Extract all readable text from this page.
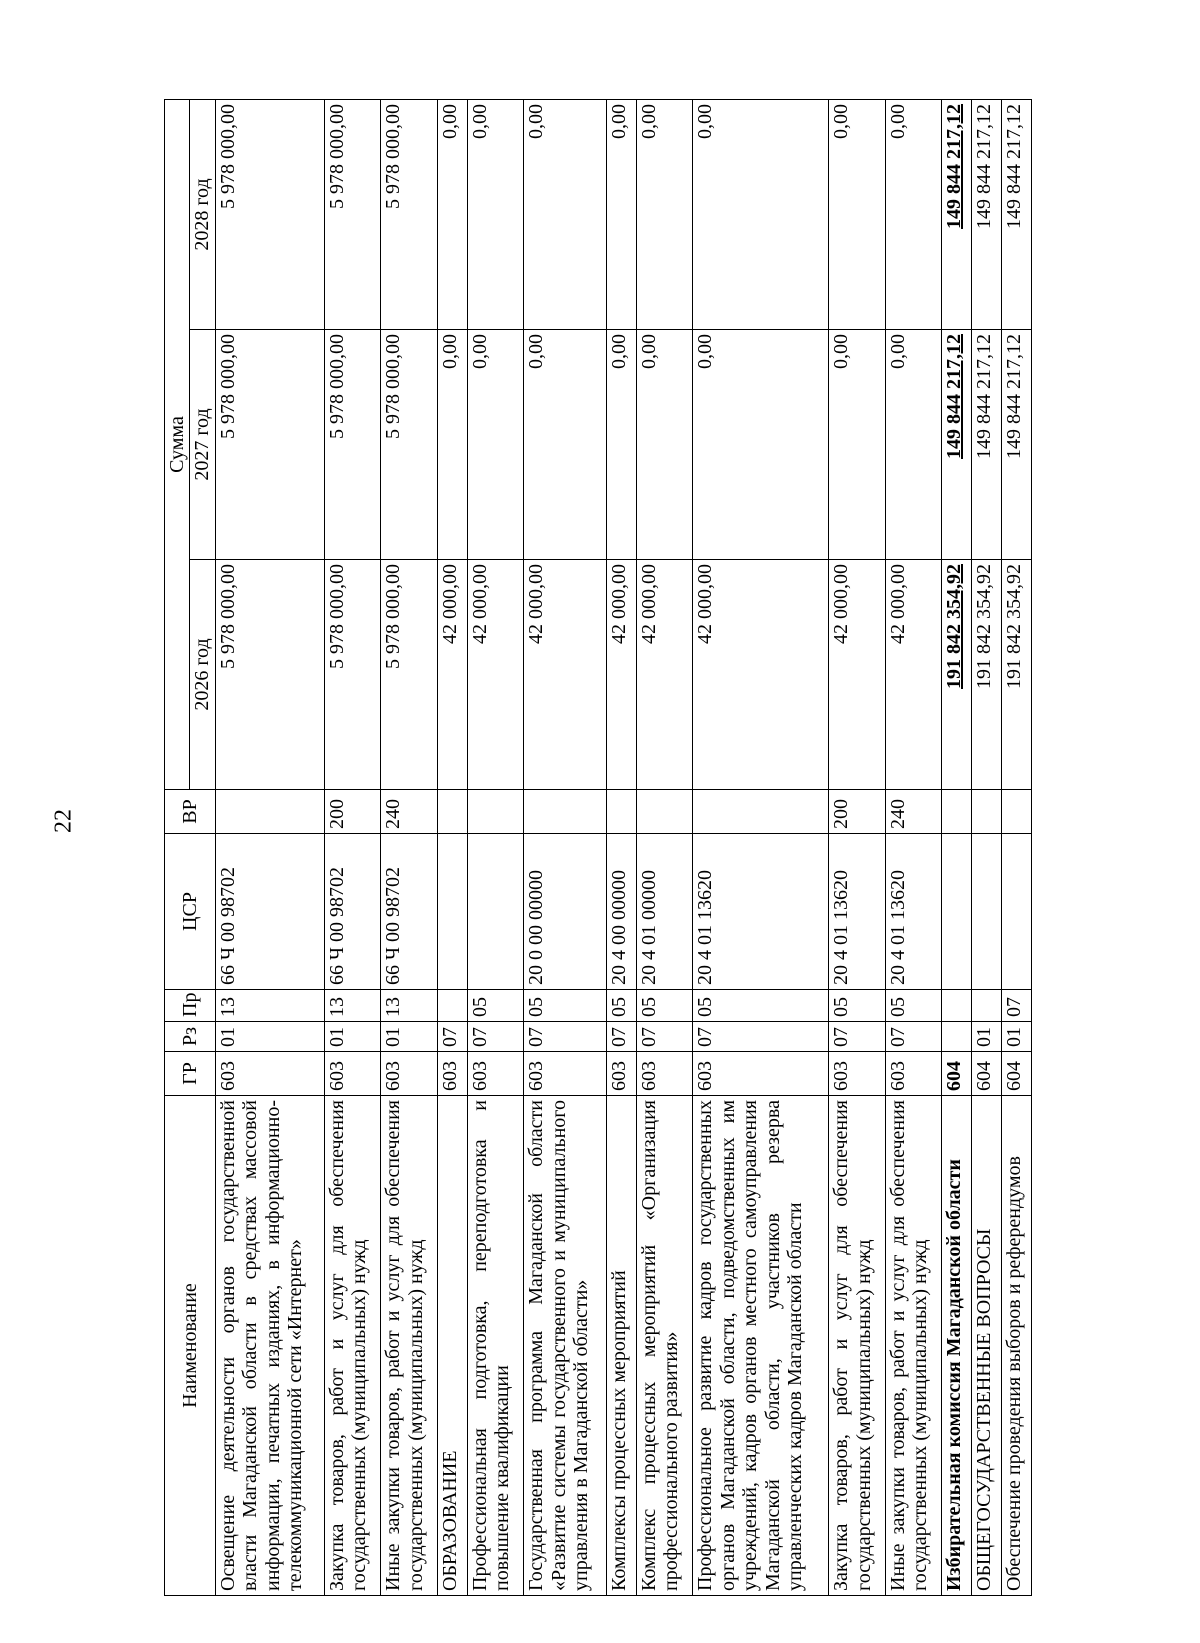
22
Наименование	ГР	Рз	Пр	ЦСР	ВР	Сумма		
						2026 год	2027 год	2028 год
Освещение деятельности органов государственной власти Магаданской области в средствах массовой информации, печатных изданиях, в информационно-телекоммуникационной сети «Интернет»	603	01	13	66 Ч 00 98702		5 978 000,00	5 978 000,00	5 978 000,00
Закупка товаров, работ и услуг для обеспечения государственных (муниципальных) нужд	603	01	13	66 Ч 00 98702	200	5 978 000,00	5 978 000,00	5 978 000,00
Иные закупки товаров, работ и услуг для обеспечения государственных (муниципальных) нужд	603	01	13	66 Ч 00 98702	240	5 978 000,00	5 978 000,00	5 978 000,00
ОБРАЗОВАНИЕ	603	07				42 000,00	0,00	0,00
Профессиональная подготовка, переподготовка и повышение квалификации	603	07	05			42 000,00	0,00	0,00
Государственная программа Магаданской области «Развитие системы государственного и муниципального управления в Магаданской области»	603	07	05	20 0 00 00000		42 000,00	0,00	0,00
Комплексы процессных мероприятий	603	07	05	20 4 00 00000		42 000,00	0,00	0,00
Комплекс процессных мероприятий «Организация профессионального развития»	603	07	05	20 4 01 00000		42 000,00	0,00	0,00
Профессиональное развитие кадров государственных органов Магаданской области, подведомственных им учреждений, кадров органов местного самоуправления Магаданской области, участников резерва управленческих кадров Магаданской области	603	07	05	20 4 01 13620		42 000,00	0,00	0,00
Закупка товаров, работ и услуг для обеспечения государственных (муниципальных) нужд	603	07	05	20 4 01 13620	200	42 000,00	0,00	0,00
Иные закупки товаров, работ и услуг для обеспечения государственных (муниципальных) нужд	603	07	05	20 4 01 13620	240	42 000,00	0,00	0,00
Избирательная комиссия Магаданской области	604					191 842 354,92	149 844 217,12	149 844 217,12
ОБЩЕГОСУДАРСТВЕННЫЕ ВОПРОСЫ	604	01				191 842 354,92	149 844 217,12	149 844 217,12
Обеспечение проведения выборов и референдумов	604	01	07			191 842 354,92	149 844 217,12	149 844 217,12
